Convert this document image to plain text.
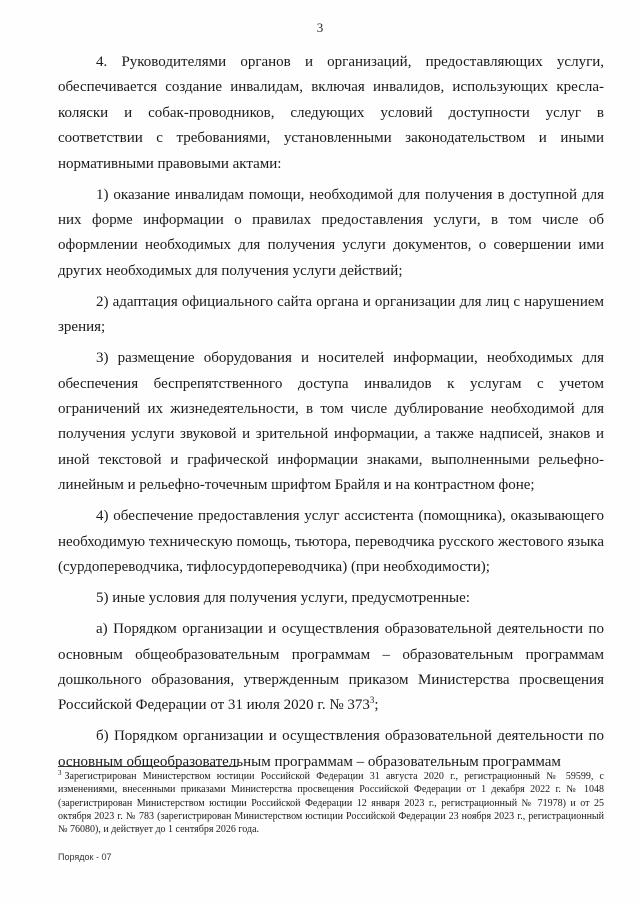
3

4. Руководителями органов и организаций, предоставляющих услуги, обеспечивается создание инвалидам, включая инвалидов, использующих кресла-коляски и собак-проводников, следующих условий доступности услуг в соответствии с требованиями, установленными законодательством и иными нормативными правовыми актами:

1) оказание инвалидам помощи, необходимой для получения в доступной для них форме информации о правилах предоставления услуги, в том числе об оформлении необходимых для получения услуги документов, о совершении ими других необходимых для получения услуги действий;

2) адаптация официального сайта органа и организации для лиц с нарушением зрения;

3) размещение оборудования и носителей информации, необходимых для обеспечения беспрепятственного доступа инвалидов к услугам с учетом ограничений их жизнедеятельности, в том числе дублирование необходимой для получения услуги звуковой и зрительной информации, а также надписей, знаков и иной текстовой и графической информации знаками, выполненными рельефно-линейным и рельефно-точечным шрифтом Брайля и на контрастном фоне;

4) обеспечение предоставления услуг ассистента (помощника), оказывающего необходимую техническую помощь, тьютора, переводчика русского жестового языка (сурдопереводчика, тифлосурдопереводчика) (при необходимости);

5) иные условия для получения услуги, предусмотренные:

а) Порядком организации и осуществления образовательной деятельности по основным общеобразовательным программам – образовательным программам дошкольного образования, утвержденным приказом Министерства просвещения Российской Федерации от 31 июля 2020 г. № $373^3$;

б) Порядком организации и осуществления образовательной деятельности по основным общеобразовательным программам – образовательным программам

$^3$ Зарегистрирован Министерством юстиции Российской Федерации 31 августа 2020 г., регистрационный № 59599, с изменениями, внесенными приказами Министерства просвещения Российской Федерации от 1 декабря 2022 г. № 1048 (зарегистрирован Министерством юстиции Российской Федерации 12 января 2023 г., регистрационный № 71978) и от 25 октября 2023 г. № 783 (зарегистрирован Министерством юстиции Российской Федерации 23 ноября 2023 г., регистрационный № 76080), и действует до 1 сентября 2026 года.

Порядок - 07
